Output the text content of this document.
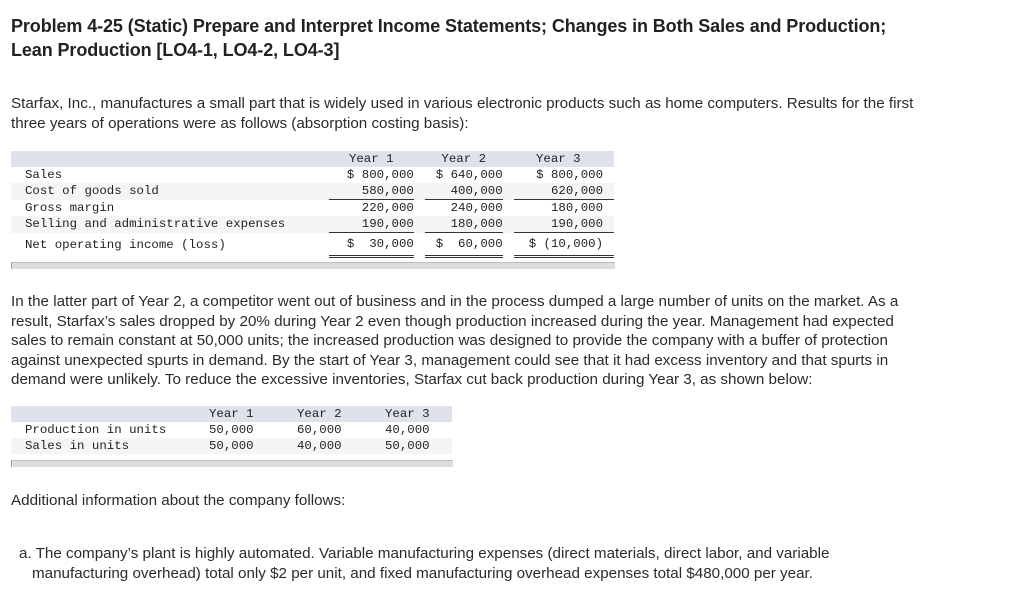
Problem 4-25 (Static) Prepare and Interpret Income Statements; Changes in Both Sales and Production;
Lean Production [LO4-1, LO4-2, LO4-3]
Starfax, Inc., manufactures a small part that is widely used in various electronic products such as home computers. Results for the first
three years of operations were as follows (absorption costing basis):
	Year 1		Year 2		Year 3	
Sales	$ 800,000		$ 640,000		$ 800,000	
Cost of goods sold	580,000		400,000		620,000	
Gross margin	220,000		240,000		180,000	
Selling and administrative expenses	190,000		180,000		190,000	
Net operating income (loss)	$  30,000		$  60,000		$ (10,000)	
In the latter part of Year 2, a competitor went out of business and in the process dumped a large number of units on the market. As a
result, Starfax’s sales dropped by 20% during Year 2 even though production increased during the year. Management had expected
sales to remain constant at 50,000 units; the increased production was designed to provide the company with a buffer of protection
against unexpected spurts in demand. By the start of Year 3, management could see that it had excess inventory and that spurts in
demand were unlikely. To reduce the excessive inventories, Starfax cut back production during Year 3, as shown below:
	Year 1	Year 2	Year 3
Production in units	50,000	60,000	40,000
Sales in units	50,000	40,000	50,000
Additional information about the company follows:
a. The company’s plant is highly automated. Variable manufacturing expenses (direct materials, direct labor, and variable
manufacturing overhead) total only $2 per unit, and fixed manufacturing overhead expenses total $480,000 per year.
